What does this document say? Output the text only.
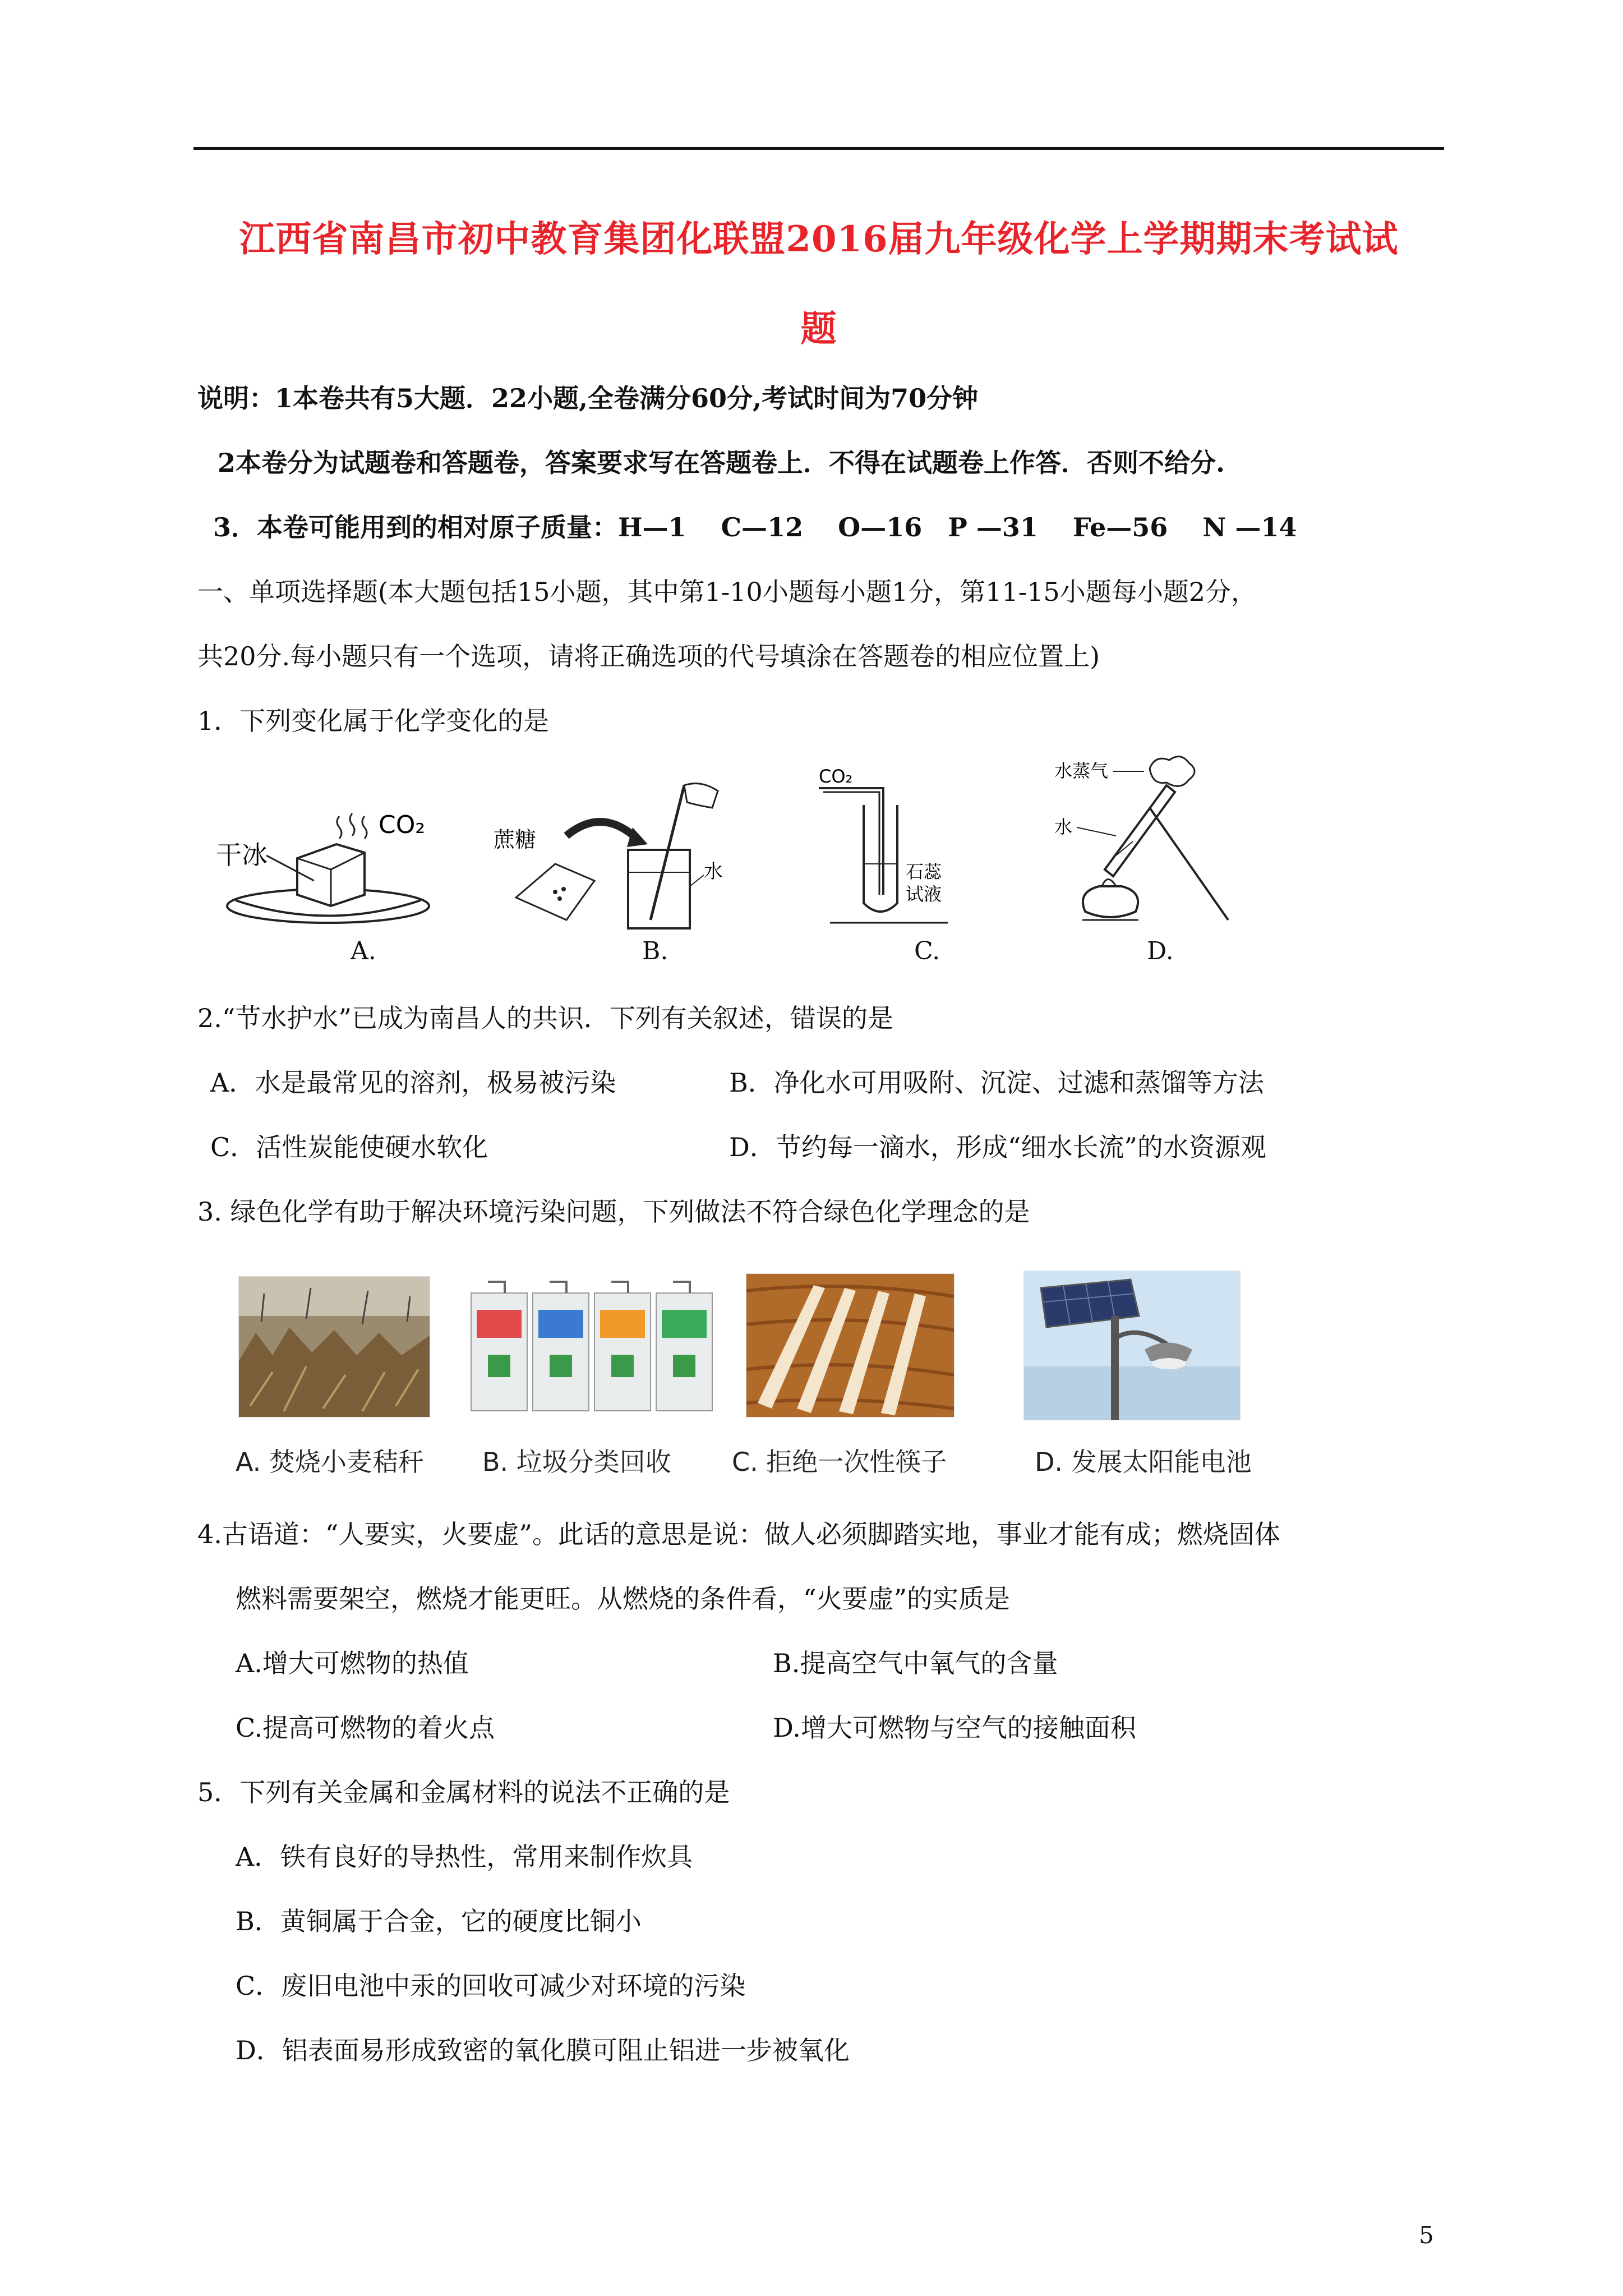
江西省南昌市初中教育集团化联盟2016届九年级化学上学期期末考试试
题
说明：1本卷共有5大题．22小题,全卷满分60分,考试时间为70分钟
2本卷分为试题卷和答题卷，答案要求写在答题卷上．不得在试题卷上作答．否则不给分.
3．本卷可能用到的相对原子质量：H—1　 C—12　 O—16　P —31　 Fe—56　 N —14
一、单项选择题(本大题包括15小题，其中第1-10小题每小题1分，第11-15小题每小题2分，
共20分.每小题只有一个选项，请将正确选项的代号填涂在答题卷的相应位置上)
1．下列变化属于化学变化的是
干冰
CO₂
A.
蔗糖
水
B.
CO₂
石蕊
试液
C.
水蒸气
水
D.
2.“节水护水”已成为南昌人的共识．下列有关叙述，错误的是
A．水是最常见的溶剂，极易被污染	B．净化水可用吸附、沉淀、过滤和蒸馏等方法
C．活性炭能使硬水软化	D．节约每一滴水，形成“细水长流”的水资源观
3. 绿色化学有助于解决环境污染问题，下列做法不符合绿色化学理念的是
A. 焚烧小麦秸秆 B. 垃圾分类回收 C. 拒绝一次性筷子	D. 发展太阳能电池
4.古语道：“人要实，火要虚”。此话的意思是说：做人必须脚踏实地，事业才能有成；燃烧固体
燃料需要架空，燃烧才能更旺。从燃烧的条件看，“火要虚”的实质是
A.增大可燃物的热值	B.提高空气中氧气的含量
C.提高可燃物的着火点	D.增大可燃物与空气的接触面积
5．下列有关金属和金属材料的说法不正确的是
A．铁有良好的导热性，常用来制作炊具
B．黄铜属于合金，它的硬度比铜小
C．废旧电池中汞的回收可减少对环境的污染
D．铝表面易形成致密的氧化膜可阻止铝进一步被氧化
5
